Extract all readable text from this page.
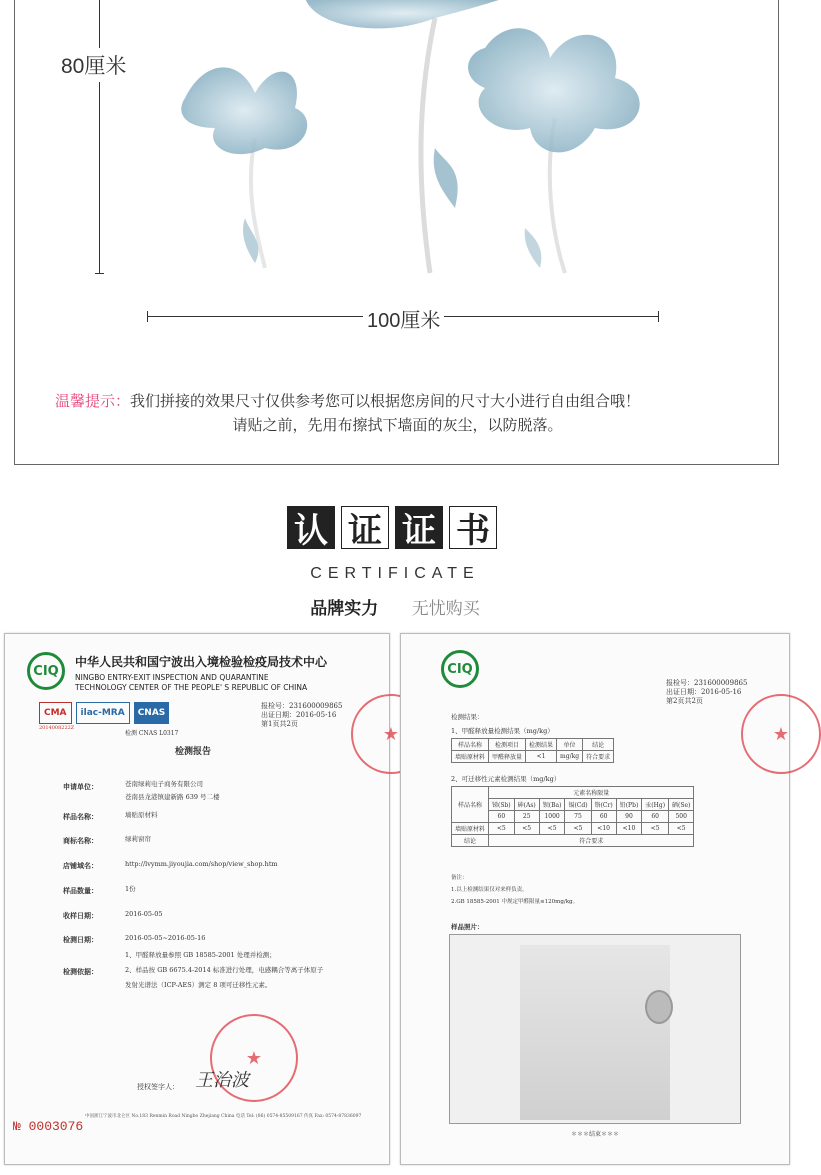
80厘米
100厘米
温馨提示：我们拼接的效果尺寸仅供参考您可以根据您房间的尺寸大小进行自由组合哦！
请贴之前，先用布擦拭下墙面的灰尘，以防脱落。
认 证 证 书
CERTIFICATE
品牌实力 无忧购买
CIQ
中华人民共和国宁波出入境检验检疫局技术中心
NINGBO ENTRY-EXIT INSPECTION AND QUARANTINE
TECHNOLOGY CENTER OF THE PEOPLE' S REPUBLIC OF CHINA
CMA	ilac-MRA	CNAS
2014008222Z
检测 CNAS L0317
报检号：231600009865
出证日期：2016-05-16
第1页共2页	★
检测报告
申请单位：	苍南绿莉电子商务有限公司
苍南县龙港镇建新路 639 号二楼
样品名称：	墙贴原材料
商标名称：	绿莉窗帘
店铺域名：	http://lvymm.jiyoujia.com/shop/view_shop.htm
样品数量：	1份
收样日期：	2016-05-05
检测日期：	2016-05-05~2016-05-16
检测依据：
1、甲醛释放量参照 GB 18585-2001 处理并检测；
2、样品按 GB 6675.4-2014 标准进行处理，电感耦合等离子体原子
发射光谱法（ICP-AES）测定 8 项可迁移性元素。
★
授权签字人： 王治波
№ 0003076
中国浙江宁波市北仑区 No.183 Renmin Road Ningbo Zhejiang China 电话 Tel: (86) 0574-85509167 传真 Fax: 0574-87836097
CIQ
报检号：231600009865
出证日期：2016-05-16
第2页共2页
★
检测结果：
1、甲醛释放量检测结果（mg/kg）
样品名称	检测项目	检测结果	单位	结论
墙贴原材料	甲醛释放量	<1	mg/kg	符合要求
2、可迁移性元素检测结果（mg/kg）
样品名称	元素名称限量							
	锑(Sb)	砷(As)	钡(Ba)	镉(Cd)	铬(Cr)	铅(Pb)	汞(Hg)	硒(Se)
	60	25	1000	75	60	90	60	500
墙贴原材料	<5	<5	<5	<5	<10	<10	<5	<5
结论	符合要求							
备注：
1.以上检测结果仅对来样负责。
2.GB 18585-2001 中规定甲醛限量≤120mg/kg。
样品照片：
＊＊＊结束＊＊＊
